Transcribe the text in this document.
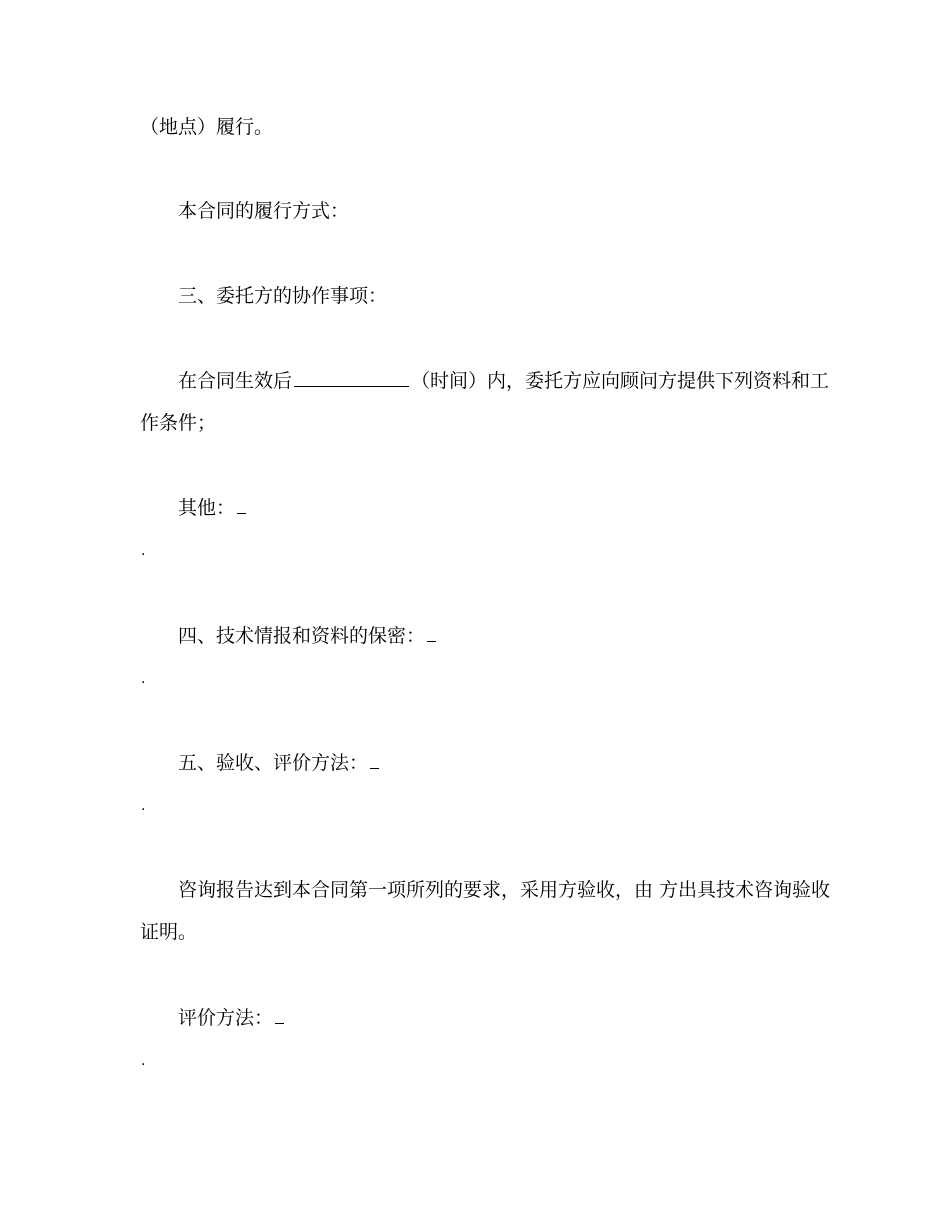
（地点）履行。
本合同的履行方式：
三、委托方的协作事项：
在合同生效后	（时间）内，委托方应向顾问方提供下列资料和工
作条件；
其他：
.
四、技术情报和资料的保密：
.
五、验收、评价方法：
.
咨询报告达到本合同第一项所列的要求，采用方验收，由 方出具技术咨询验收
证明。
评价方法：
.
